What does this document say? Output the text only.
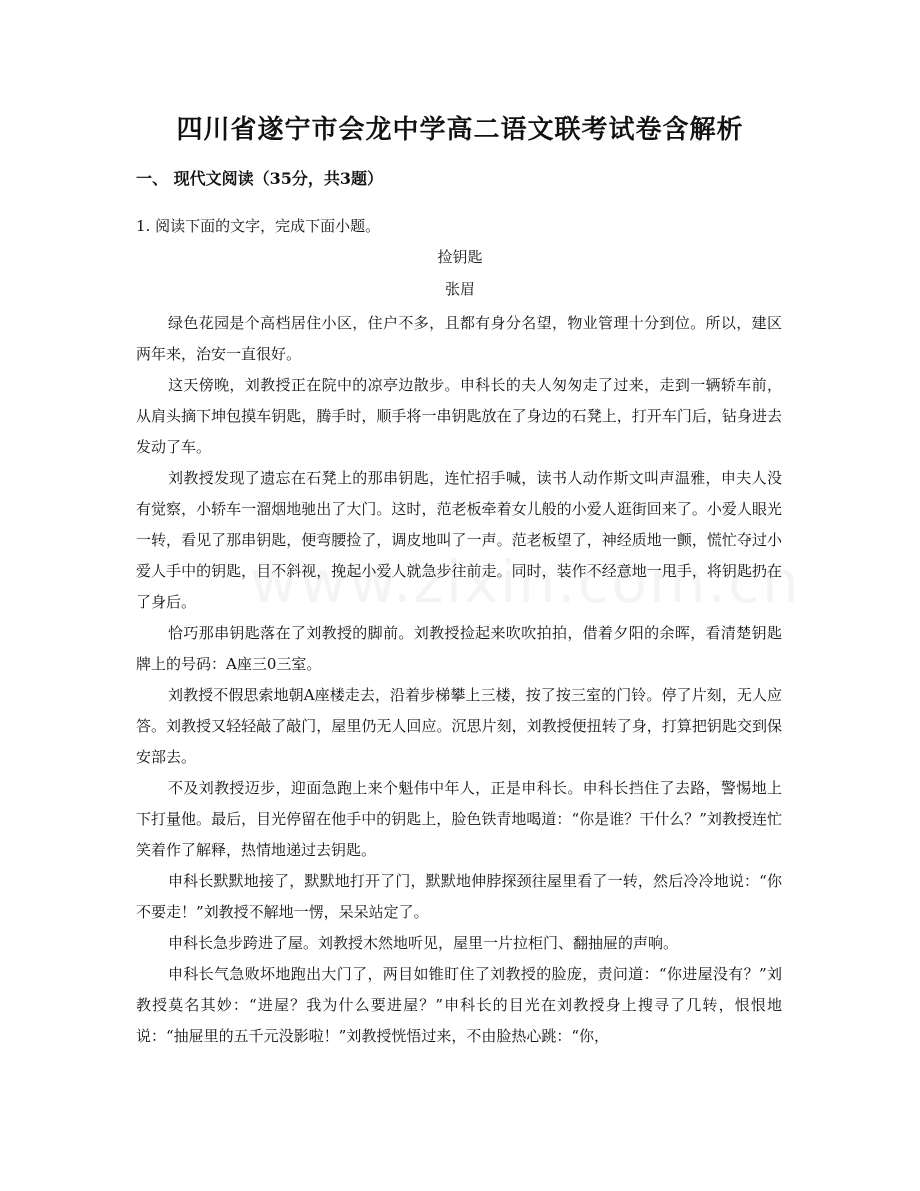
四川省遂宁市会龙中学高二语文联考试卷含解析
一、 现代文阅读（35分，共3题）

1. 阅读下面的文字，完成下面小题。

捡钥匙

张眉

绿色花园是个高档居住小区，住户不多，且都有身分名望，物业管理十分到位。所以，建区两年来，治安一直很好。

这天傍晚，刘教授正在院中的凉亭边散步。申科长的夫人匆匆走了过来，走到一辆轿车前，从肩头摘下坤包摸车钥匙，腾手时，顺手将一串钥匙放在了身边的石凳上，打开车门后，钻身进去发动了车。

刘教授发现了遗忘在石凳上的那串钥匙，连忙招手喊，读书人动作斯文叫声温雅，申夫人没有觉察，小轿车一溜烟地驰出了大门。这时，范老板牵着女儿般的小爱人逛街回来了。小爱人眼光一转，看见了那串钥匙，便弯腰捡了，调皮地叫了一声。范老板望了，神经质地一颤，慌忙夺过小爱人手中的钥匙，目不斜视，挽起小爱人就急步往前走。同时，装作不经意地一甩手，将钥匙扔在了身后。

恰巧那串钥匙落在了刘教授的脚前。刘教授捡起来吹吹拍拍，借着夕阳的余晖，看清楚钥匙牌上的号码：A座三0三室。

刘教授不假思索地朝A座楼走去，沿着步梯攀上三楼，按了按三室的门铃。停了片刻，无人应答。刘教授又轻轻敲了敲门，屋里仍无人回应。沉思片刻，刘教授便扭转了身，打算把钥匙交到保安部去。

不及刘教授迈步，迎面急跑上来个魁伟中年人，正是申科长。申科长挡住了去路，警惕地上下打量他。最后，目光停留在他手中的钥匙上，脸色铁青地喝道：“你是谁？干什么？”刘教授连忙笑着作了解释，热情地递过去钥匙。

申科长默默地接了，默默地打开了门，默默地伸脖探颈往屋里看了一转，然后冷冷地说：“你不要走！”刘教授不解地一愣，呆呆站定了。

申科长急步跨进了屋。刘教授木然地听见，屋里一片拉柜门、翻抽屉的声响。

申科长气急败坏地跑出大门了，两目如锥盯住了刘教授的脸庞，责问道：“你进屋没有？”刘教授莫名其妙：“进屋？我为什么要进屋？”申科长的目光在刘教授身上搜寻了几转，恨恨地说：“抽屉里的五千元没影啦！”刘教授恍悟过来，不由脸热心跳：“你，
